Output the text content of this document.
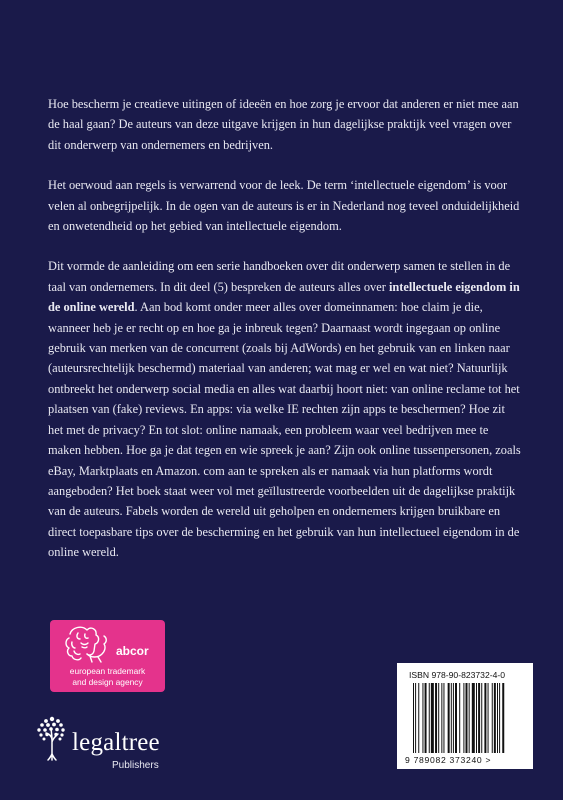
Hoe bescherm je creatieve uitingen of ideeën en hoe zorg je ervoor dat anderen er niet mee aan de haal gaan? De auteurs van deze uitgave krijgen in hun dagelijkse praktijk veel vragen over dit onderwerp van ondernemers en bedrijven.

Het oerwoud aan regels is verwarrend voor de leek. De term ‘intellectuele eigendom’ is voor velen al onbegrijpelijk. In de ogen van de auteurs is er in Nederland nog teveel onduidelijkheid en onwetendheid op het gebied van intellectuele eigendom.

Dit vormde de aanleiding om een serie handboeken over dit onderwerp samen te stellen in de taal van ondernemers. In dit deel (5) bespreken de auteurs alles over intellectuele eigendom in de online wereld. Aan bod komt onder meer alles over domeinnamen: hoe claim je die, wanneer heb je er recht op en hoe ga je inbreuk tegen? Daarnaast wordt ingegaan op online gebruik van merken van de concurrent (zoals bij AdWords) en het gebruik van en linken naar (auteursrechtelijk beschermd) materiaal van anderen; wat mag er wel en wat niet? Natuurlijk ontbreekt het onderwerp social media en alles wat daarbij hoort niet: van online reclame tot het plaatsen van (fake) reviews. En apps: via welke IE rechten zijn apps te beschermen? Hoe zit het met de privacy? En tot slot: online namaak, een probleem waar veel bedrijven mee te maken hebben. Hoe ga je dat tegen en wie spreek je aan? Zijn ook online tussenpersonen, zoals eBay, Marktplaats en Amazon. com aan te spreken als er namaak via hun platforms wordt aangeboden? Het boek staat weer vol met geïllustreerde voorbeelden uit de dagelijkse praktijk van de auteurs. Fabels worden de wereld uit geholpen en ondernemers krijgen bruikbare en direct toepasbare tips over de bescherming en het gebruik van hun intellectueel eigendom in de online wereld.

abcor
european trademark
and design agency
legaltree
Publishers
ISBN 978-90-823732-4-0
9 789082 373240 >
